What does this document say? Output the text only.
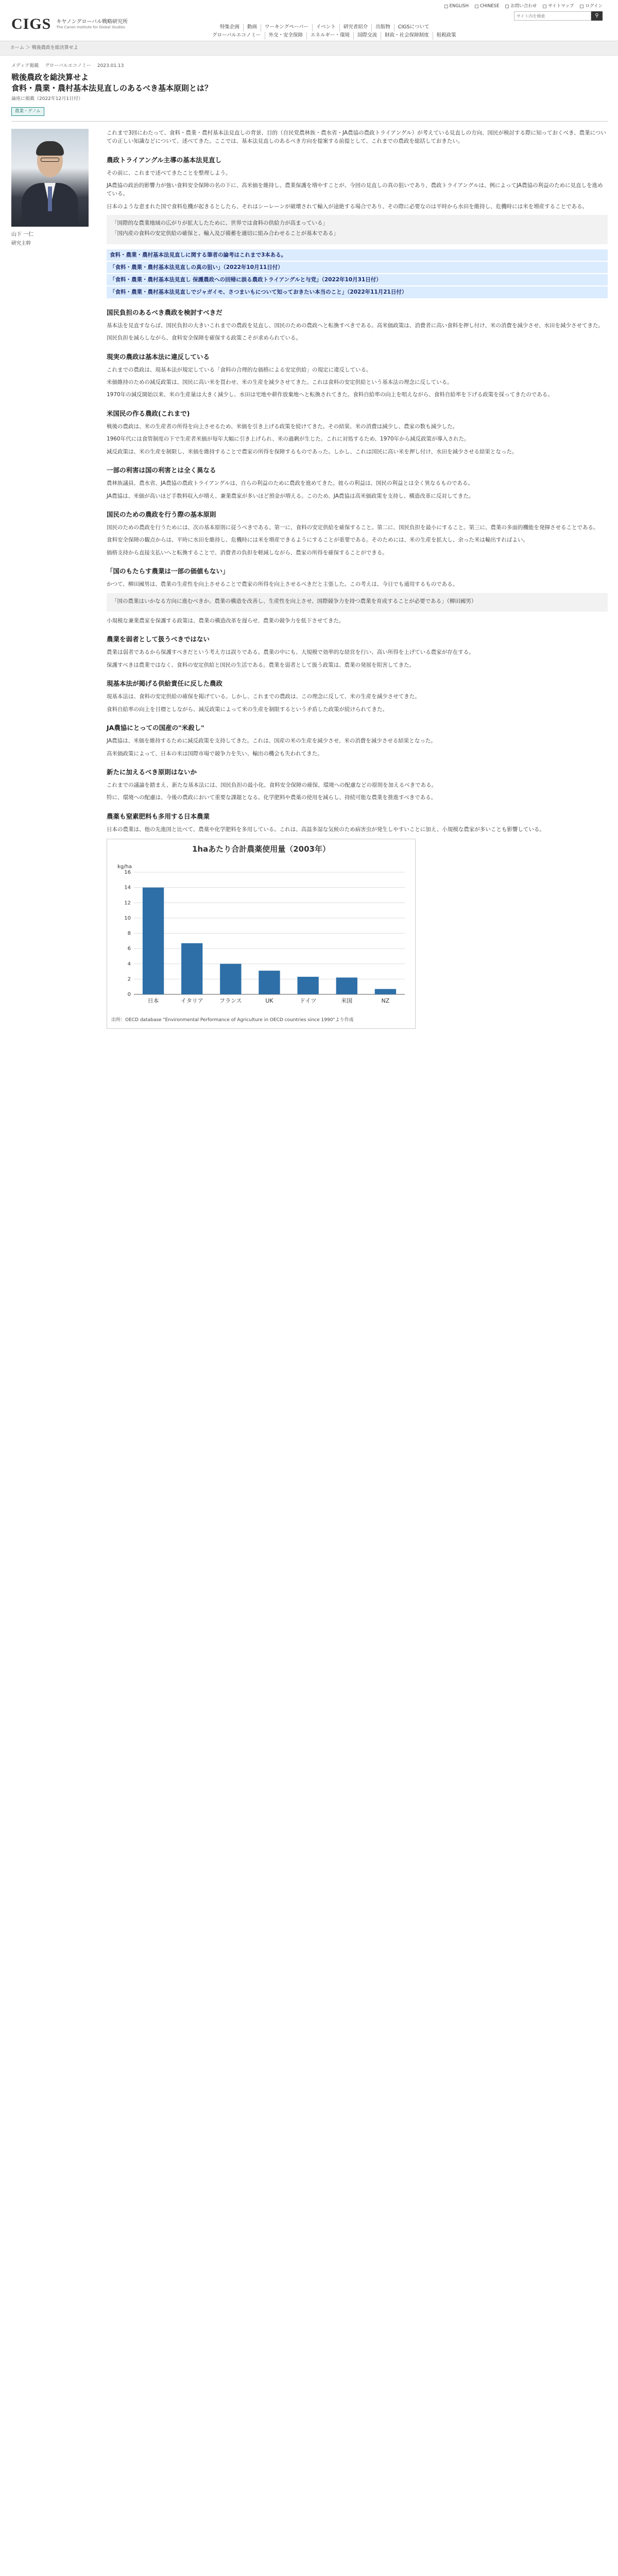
CIGS キヤノングローバル戦略研究所
The Canon Institute for Global Studies
ENGLISH	CHINESE	お問い合わせ	サイトマップ	ログイン
サイト内を検索
⚲
特集企画	動画	ワーキングペーパー	イベント	研究者紹介	出版物	CIGSについて
グローバルエコノミー	外交・安全保障	エネルギー・環境	国際交流	財政・社会保障制度	租税政策
ホーム ＞ 戦後農政を総決算せよ
メディア掲載 グローバルエコノミー 2023.01.13
戦後農政を総決算せよ
食料・農業・農村基本法見直しのあるべき基本原則とは？
論座に掲載（2022年12月1日付）
農業・ゲノム
山下 一仁
研究主幹

これまで3回にわたって、食料・農業・農村基本法見直しの背景、目的（自民党農林族・農水省・JA農協の農政トライアングル）が考えている見直しの方向、国民が検討する際に知っておくべき、農業についての正しい知識などについて、述べてきた。ここでは、基本法見直しのあるべき方向を提案する前提として、これまでの農政を総括しておきたい。

農政トライアングル主導の基本法見直し

その前に、これまで述べてきたことを整理しよう。

JA農協の政治的影響力が強い食料安全保障の名の下に、高米価を維持し、農業保護を増やすことが、今回の見直しの真の狙いであり、農政トライアングルは、例によってJA農協の利益のために見直しを進めている。

日本のような恵まれた国で食料危機が起きるとしたら、それはシーレーンが破壊されて輸入が途絶する場合であり、その際に必要なのは平時から水田を維持し、危機時には米を増産することである。

「国際的な農業地域の広がりが拡大したために、世界では食料の供給力が高まっている」

「国内産の食料の安定供給の確保と、輸入及び備蓄を適切に組み合わせることが基本である」

食料・農業・農村基本法見直しに関する筆者の論考はこれまで3本ある。
「食料・農業・農村基本法見直しの真の狙い」（2022年10月11日付）
「食料・農業・農村基本法見直し 保護農政への回帰に誤る農政トライアングルと与党」（2022年10月31日付）
「食料・農業・農村基本法見直しでジャガイモ、さつまいもについて知っておきたい本当のこと」（2022年11月21日付）
国民負担のあるべき農政を検討すべきだ

基本法を見直すならば、国民負担の大きいこれまでの農政を見直し、国民のための農政へと転換すべきである。高米価政策は、消費者に高い食料を押し付け、米の消費を減少させ、水田を減少させてきた。

国民負担を減らしながら、食料安全保障を確保する政策こそが求められている。

現実の農政は基本法に違反している

これまでの農政は、現基本法が規定している「食料の合理的な価格による安定供給」の規定に違反している。

米価維持のための減反政策は、国民に高い米を買わせ、米の生産を減少させてきた。これは食料の安定供給という基本法の理念に反している。

1970年の減反開始以来、米の生産量は大きく減少し、水田は宅地や耕作放棄地へと転換されてきた。食料自給率の向上を唱えながら、食料自給率を下げる政策を採ってきたのである。

米国民の作る農政(これまで)

戦後の農政は、米の生産者の所得を向上させるため、米価を引き上げる政策を続けてきた。その結果、米の消費は減少し、農家の数も減少した。

1960年代には食管制度の下で生産者米価が毎年大幅に引き上げられ、米の過剰が生じた。これに対処するため、1970年から減反政策が導入された。

減反政策は、米の生産を制限し、米価を維持することで農家の所得を保障するものであった。しかし、これは国民に高い米を押し付け、水田を減少させる結果となった。

一部の利害は国の利害とは全く異なる

農林族議員、農水省、JA農協の農政トライアングルは、自らの利益のために農政を進めてきた。彼らの利益は、国民の利益とは全く異なるものである。

JA農協は、米価が高いほど手数料収入が増え、兼業農家が多いほど預金が増える。このため、JA農協は高米価政策を支持し、構造改革に反対してきた。

国民のための農政を行う際の基本原則

国民のための農政を行うためには、次の基本原則に従うべきである。第一に、食料の安定供給を確保すること。第二に、国民負担を最小にすること。第三に、農業の多面的機能を発揮させることである。

食料安全保障の観点からは、平時に水田を維持し、危機時には米を増産できるようにすることが重要である。そのためには、米の生産を拡大し、余った米は輸出すればよい。

価格支持から直接支払いへと転換することで、消費者の負担を軽減しながら、農家の所得を確保することができる。

「国のもたらす農業は一部の価値もない」

かつて、柳田國男は、農業の生産性を向上させることで農家の所得を向上させるべきだと主張した。この考えは、今日でも通用するものである。

「国の農業はいかなる方向に進むべきか。農業の構造を改善し、生産性を向上させ、国際競争力を持つ農業を育成することが必要である」（柳田國男）

小規模な兼業農家を保護する政策は、農業の構造改革を遅らせ、農業の競争力を低下させてきた。

農業を弱者として扱うべきではない

農業は弱者であるから保護すべきだという考え方は誤りである。農業の中にも、大規模で効率的な経営を行い、高い所得を上げている農家が存在する。

保護すべきは農業ではなく、食料の安定供給と国民の生活である。農業を弱者として扱う政策は、農業の発展を阻害してきた。

現基本法が掲げる供給責任に反した農政

現基本法は、食料の安定供給の確保を掲げている。しかし、これまでの農政は、この理念に反して、米の生産を減少させてきた。

食料自給率の向上を目標としながら、減反政策によって米の生産を制限するという矛盾した政策が続けられてきた。

JA農協にとっての国産の"米殺し"

JA農協は、米価を維持するために減反政策を支持してきた。これは、国産の米の生産を減少させ、米の消費を減少させる結果となった。

高米価政策によって、日本の米は国際市場で競争力を失い、輸出の機会も失われてきた。

新たに加えるべき原則はないか

これまでの議論を踏まえ、新たな基本法には、国民負担の最小化、食料安全保障の確保、環境への配慮などの原則を加えるべきである。

特に、環境への配慮は、今後の農政において重要な課題となる。化学肥料や農薬の使用を減らし、持続可能な農業を推進すべきである。

農薬も窒素肥料も多用する日本農業

日本の農業は、他の先進国と比べて、農薬や化学肥料を多用している。これは、高温多湿な気候のため病害虫が発生しやすいことに加え、小規模な農家が多いことも影響している。

1haあたり合計農薬使用量（2003年）
kg/ha
0
2
4
6
8
10
12
14
16
日本	イタリア	フランス	UK	ドイツ	米国	NZ
出所：OECD database "Environmental Performance of Agriculture in OECD countries since 1990"より作成
